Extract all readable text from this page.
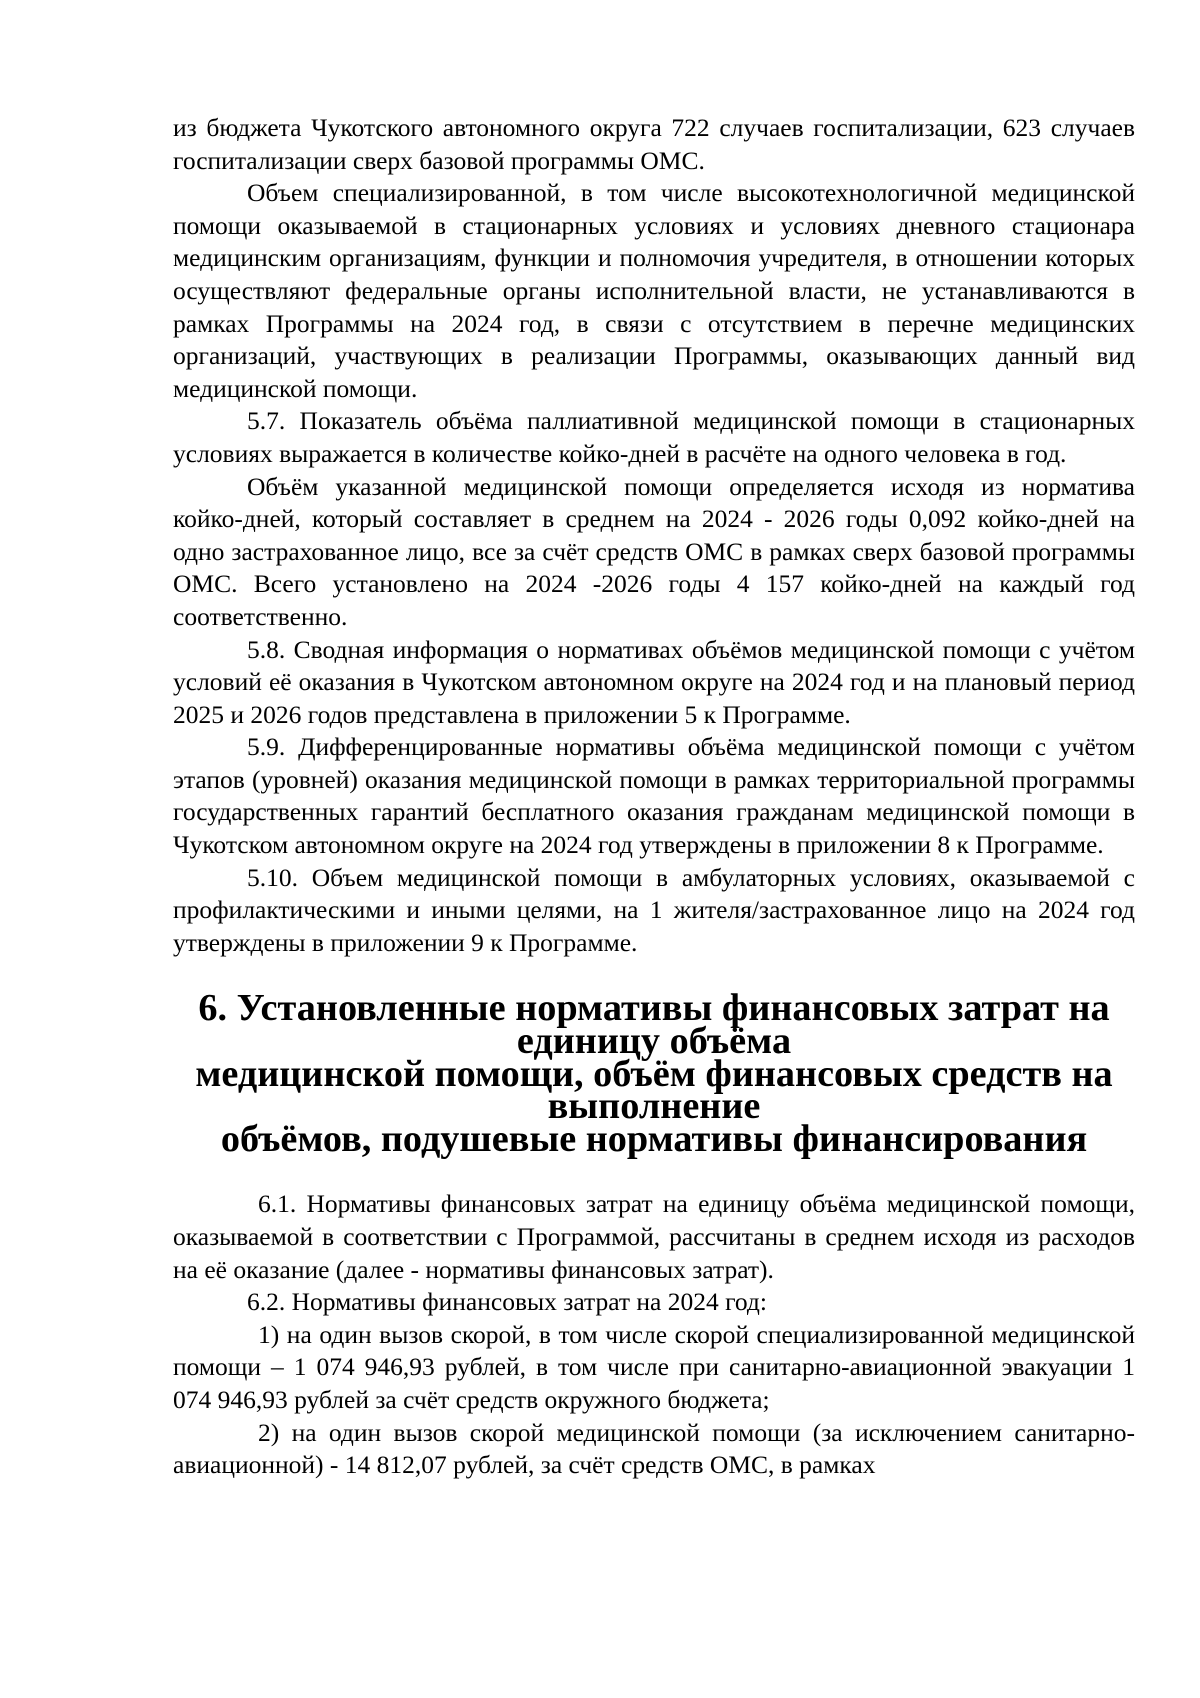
из бюджета Чукотского автономного округа 722 случаев госпитализации, 623 случаев госпитализации сверх базовой программы ОМС.

Объем специализированной, в том числе высокотехнологичной медицинской помощи оказываемой в стационарных условиях и условиях дневного стационара медицинским организациям, функции и полномочия учредителя, в отношении которых осуществляют федеральные органы исполнительной власти, не устанавливаются в рамках Программы на 2024 год, в связи с отсутствием в перечне медицинских организаций, участвующих в реализации Программы, оказывающих данный вид медицинской помощи.

5.7. Показатель объёма паллиативной медицинской помощи в стационарных условиях выражается в количестве койко-дней в расчёте на одного человека в год.

Объём указанной медицинской помощи определяется исходя из норматива койко-дней, который составляет в среднем на 2024 - 2026 годы 0,092 койко-дней на одно застрахованное лицо, все за счёт средств ОМС в рамках сверх базовой программы ОМС. Всего установлено на 2024 -2026 годы 4 157 койко-дней на каждый год соответственно.

5.8. Сводная информация о нормативах объёмов медицинской помощи с учётом условий её оказания в Чукотском автономном округе на 2024 год и на плановый период 2025 и 2026 годов представлена в приложении 5 к Программе.

5.9. Дифференцированные нормативы объёма медицинской помощи с учётом этапов (уровней) оказания медицинской помощи в рамках территориальной программы государственных гарантий бесплатного оказания гражданам медицинской помощи в Чукотском автономном округе на 2024 год утверждены в приложении 8 к Программе.

5.10. Объем медицинской помощи в амбулаторных условиях, оказываемой с профилактическими и иными целями, на 1 жителя/застрахованное лицо на 2024 год утверждены в приложении 9 к Программе.

6. Установленные нормативы финансовых затрат на единицу объёма
медицинской помощи, объём финансовых средств на выполнение
объёмов, подушевые нормативы финансирования

6.1. Нормативы финансовых затрат на единицу объёма медицинской помощи, оказываемой в соответствии с Программой, рассчитаны в среднем исходя из расходов на её оказание (далее - нормативы финансовых затрат).

6.2. Нормативы финансовых затрат на 2024 год:

1) на один вызов скорой, в том числе скорой специализированной медицинской помощи – 1 074 946,93 рублей, в том числе при санитарно-авиационной эвакуации 1 074 946,93 рублей за счёт средств окружного бюджета;

2) на один вызов скорой медицинской помощи (за исключением санитарно-авиационной) - 14 812,07 рублей, за счёт средств ОМС, в рамках
